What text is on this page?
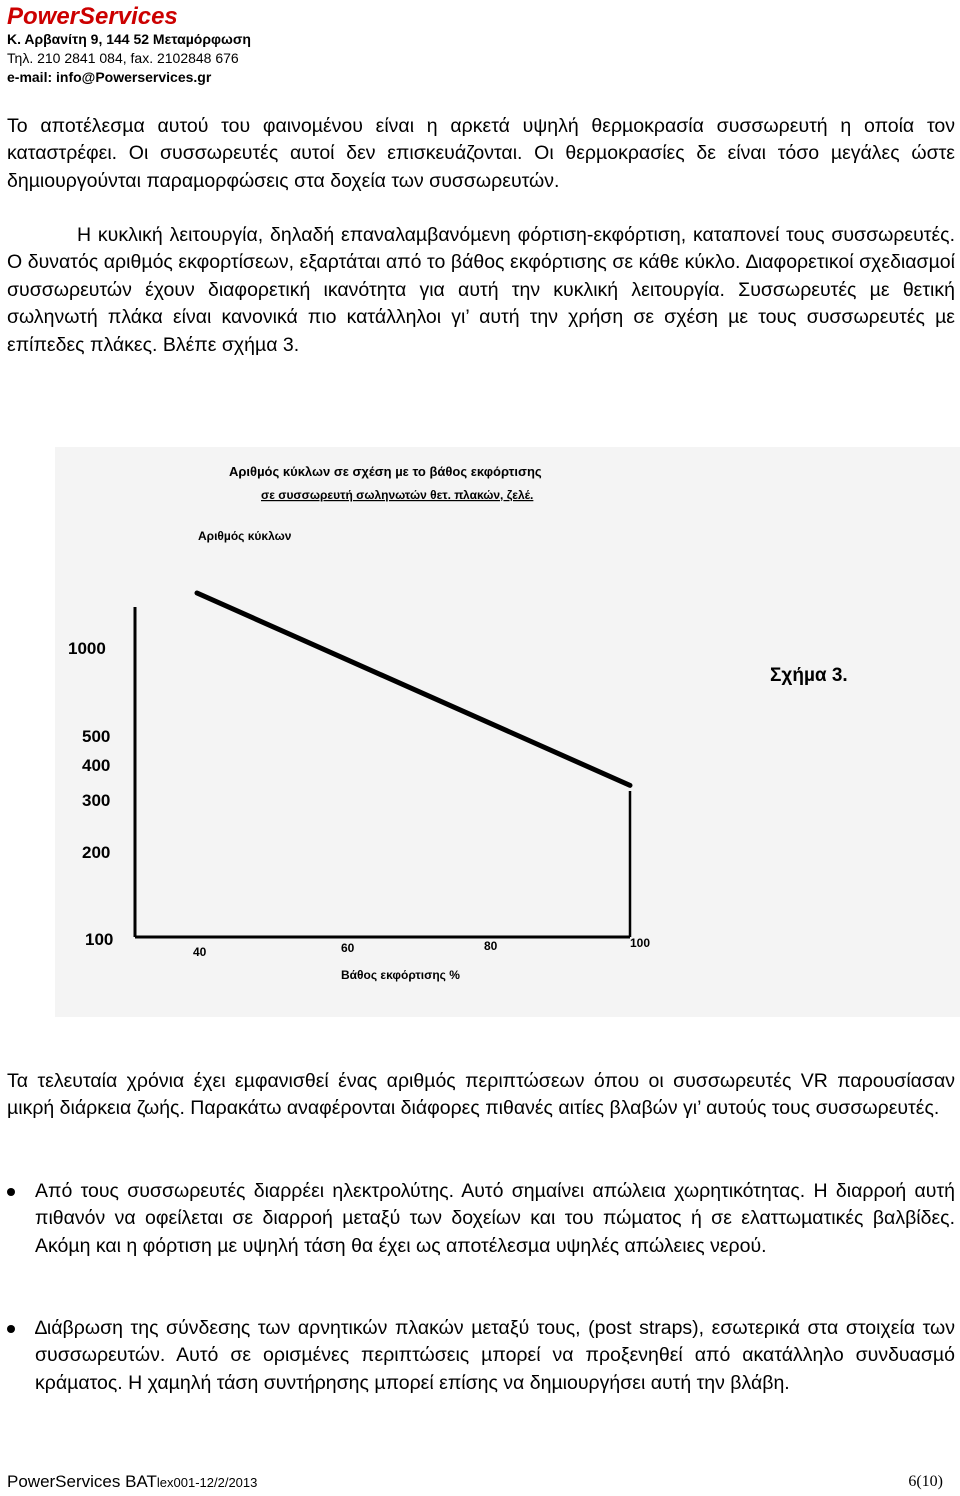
PowerServices
Κ. Αρβανίτη 9, 144 52 Μεταµόρφωση
Τηλ. 210 2841 084, fax. 2102848 676
e-mail: info@Powerservices.gr
Το αποτέλεσµα αυτού του φαινοµένου είναι η αρκετά υψηλή θερµοκρασία συσσωρευτή η οποία τον καταστρέφει. Οι συσσωρευτές αυτοί δεν επισκευάζονται. Οι θερµοκρασίες δε είναι τόσο µεγάλες ώστε δηµιουργούνται παραµορφώσεις στα δοχεία των συσσωρευτών.
Η κυκλική λειτουργία, δηλαδή επαναλαµβανόµενη φόρτιση-εκφόρτιση, καταπονεί τους συσσωρευτές. Ο δυνατός αριθµός εκφορτίσεων, εξαρτάται από το βάθος εκφόρτισης σε κάθε κύκλο. ∆ιαφορετικοί σχεδιασµοί συσσωρευτών έχουν διαφορετική ικανότητα για αυτή την κυκλική λειτουργία. Συσσωρευτές µε θετική σωληνωτή πλάκα είναι κανονικά πιο κατάλληλοι γι’ αυτή την χρήση σε σχέση µε τους συσσωρευτές µε επίπεδες πλάκες. Βλέπε σχήµα 3.
Αριθµός κύκλων σε σχέση µε το βάθος εκφόρτισης
σε συσσωρευτή σωληνωτών θετ. πλακών, ζελέ.
Αριθµός κύκλων
1000
500
400
300
200
100
40	60	80	100
Βάθος εκφόρτισης %
Σχήµα 3.
Τα τελευταία χρόνια έχει εµφανισθεί ένας αριθµός περιπτώσεων όπου οι συσσωρευτές VR παρουσίασαν µικρή διάρκεια ζωής. Παρακάτω αναφέρονται διάφορες πιθανές αιτίες βλαβών γι’ αυτούς τους συσσωρευτές.
Από τους συσσωρευτές διαρρέει ηλεκτρολύτης. Αυτό σηµαίνει απώλεια χωρητικότητας. Η διαρροή αυτή πιθανόν να οφείλεται σε διαρροή µεταξύ των δοχείων και του πώµατος ή σε ελαττωµατικές βαλβίδες. Ακόµη και η φόρτιση µε υψηλή τάση θα έχει ως αποτέλεσµα υψηλές απώλειες νερού.
∆ιάβρωση της σύνδεσης των αρνητικών πλακών µεταξύ τους, (post straps), εσωτερικά στα στοιχεία των συσσωρευτών. Αυτό σε ορισµένες περιπτώσεις µπορεί να προξενηθεί από ακατάλληλο συνδυασµό κράµατος. Η χαµηλή τάση συντήρησης µπορεί επίσης να δηµιουργήσει αυτή την βλάβη.
PowerServices BATlex001-12/2/2013	6(10)
